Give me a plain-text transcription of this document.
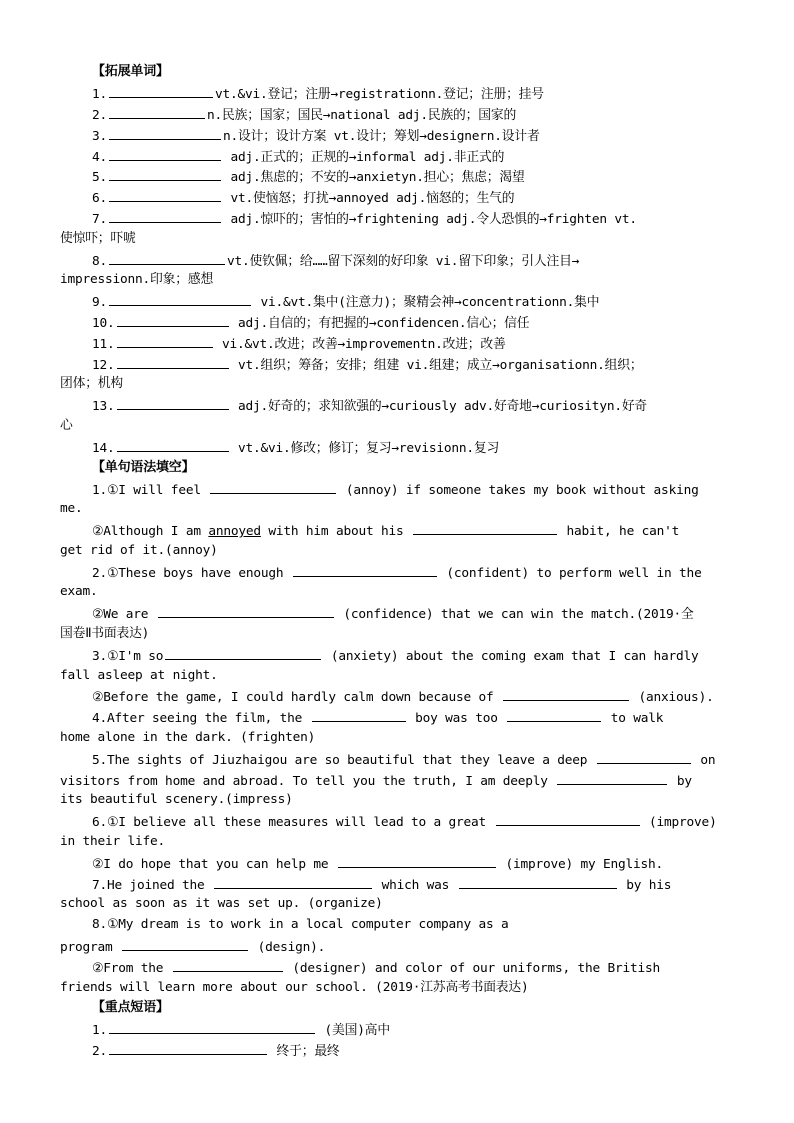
【拓展单词】
1.	vt.&vi.登记；注册→registrationn.登记；注册；挂号
2.	n.民族；国家；国民→national adj.民族的；国家的
3.	n.设计；设计方案 vt.设计；筹划→designern.设计者
4.	adj.正式的；正规的→informal adj.非正式的
5.	adj.焦虑的；不安的→anxietyn.担心；焦虑；渴望
6.	vt.使恼怒；打扰→annoyed adj.恼怒的；生气的
7.	adj.惊吓的；害怕的→frightening adj.令人恐惧的→frighten vt.
使惊吓；吓唬
8.	vt.使钦佩；给……留下深刻的好印象 vi.留下印象；引人注目→
impressionn.印象；感想
9.	vi.&vt.集中(注意力)；聚精会神→concentrationn.集中
10.	adj.自信的；有把握的→confidencen.信心；信任
11.	vi.&vt.改进；改善→improvementn.改进；改善
12.	vt.组织；筹备；安排；组建 vi.组建；成立→organisationn.组织；
团体；机构
13.	adj.好奇的；求知欲强的→curiously adv.好奇地→curiosityn.好奇
心
14.	vt.&vi.修改；修订；复习→revisionn.复习
【单句语法填空】
1.①I will feel	(annoy) if someone takes my book without asking
me.
②Although I am annoyed with him about his	habit, he can't
get rid of it.(annoy)
2.①These boys have enough	(confident) to perform well in the
exam.
②We are	(confidence) that we can win the match.(2019·全
国卷Ⅱ书面表达)
3.①I'm so	(anxiety) about the coming exam that I can hardly
fall asleep at night.
②Before the game, I could hardly calm down because of	(anxious).
4.After seeing the film, the	boy was too	to walk
home alone in the dark. (frighten)
5.The sights of Jiuzhaigou are so beautiful that they leave a deep	on
visitors from home and abroad. To tell you the truth, I am deeply	by
its beautiful scenery.(impress)
6.①I believe all these measures will lead to a great	(improve)
in their life.
②I do hope that you can help me	(improve) my English.
7.He joined the	which was	by his
school as soon as it was set up. (organize)
8.①My dream is to work in a local computer company as a
program	(design).
②From the	(designer) and color of our uniforms, the British
friends will learn more about our school. (2019·江苏高考书面表达)
【重点短语】
1.	(美国)高中
2.	终于；最终
